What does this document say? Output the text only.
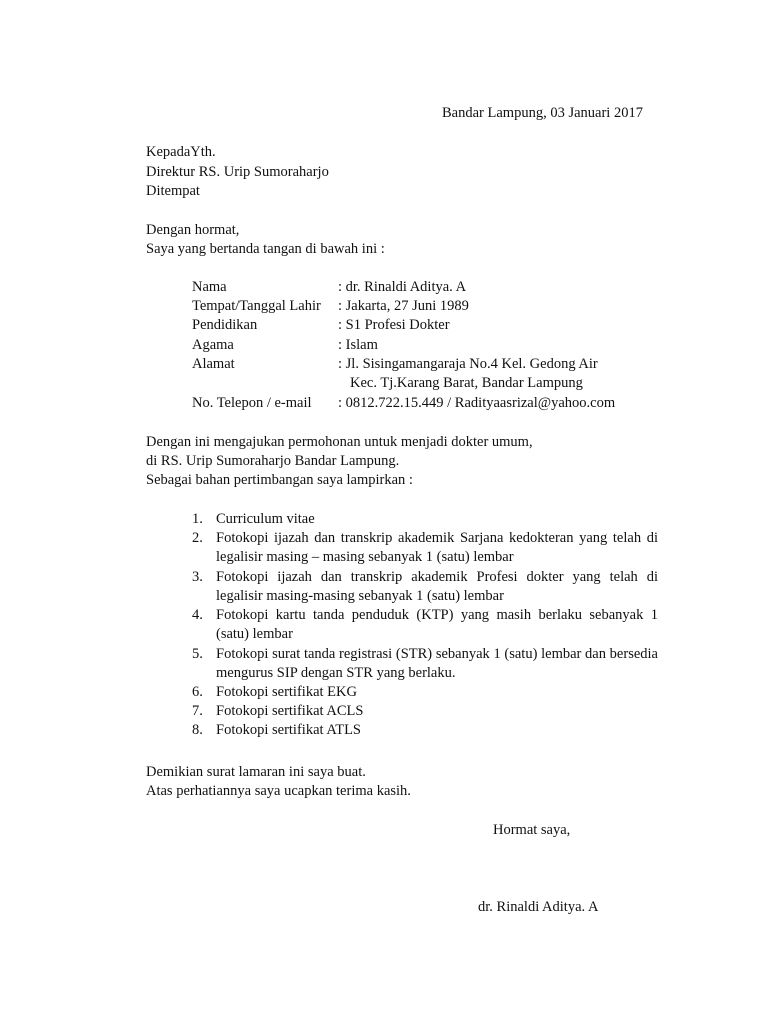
Bandar Lampung, 03 Januari 2017
KepadaYth.
Direktur RS. Urip Sumoraharjo
Ditempat
Dengan hormat,
Saya yang bertanda tangan di bawah ini :
Nama	: dr. Rinaldi Aditya. A
Tempat/Tanggal Lahir : Jakarta, 27 Juni 1989
Pendidikan	: S1 Profesi Dokter
Agama	: Islam
Alamat	: Jl. Sisingamangaraja No.4 Kel. Gedong Air
Kec. Tj.Karang Barat, Bandar Lampung
No. Telepon / e-mail : 0812.722.15.449 / Radityaasrizal@yahoo.com
Dengan ini mengajukan permohonan untuk menjadi dokter umum,
di RS. Urip Sumoraharjo Bandar Lampung.
Sebagai bahan pertimbangan saya lampirkan :
1. Curriculum vitae
2. Fotokopi ijazah dan transkrip akademik Sarjana kedokteran yang telah di legalisir masing – masing sebanyak 1 (satu) lembar
3. Fotokopi ijazah dan transkrip akademik Profesi dokter yang telah di legalisir masing-masing sebanyak 1 (satu) lembar
4. Fotokopi kartu tanda penduduk (KTP) yang masih berlaku sebanyak 1 (satu) lembar
5. Fotokopi surat tanda registrasi (STR) sebanyak 1 (satu) lembar dan bersedia mengurus SIP dengan STR yang berlaku.
6. Fotokopi sertifikat EKG
7. Fotokopi sertifikat ACLS
8. Fotokopi sertifikat ATLS
Demikian surat lamaran ini saya buat.
Atas perhatiannya saya ucapkan terima kasih.
Hormat saya,
dr. Rinaldi Aditya. A
